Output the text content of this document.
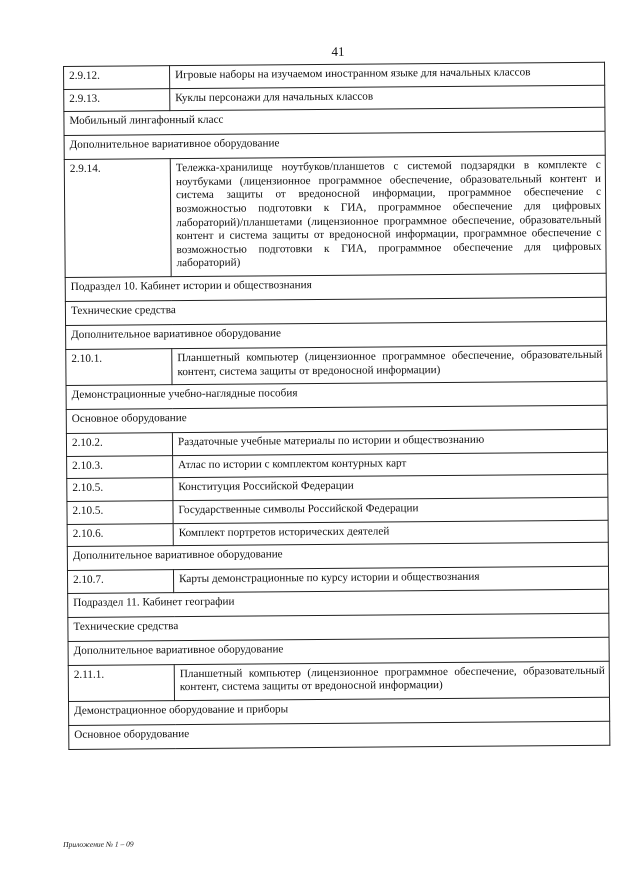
41
2.9.12.	Игровые наборы на изучаемом иностранном языке для начальных классов
2.9.13.	Куклы персонажи для начальных классов
Мобильный лингафонный класс	
Дополнительное вариативное оборудование	
2.9.14.	Тележка-хранилище ноутбуков/планшетов с системой подзарядки в комплекте с ноутбуками (лицензионное программное обеспечение, образовательный контент и система защиты от вредоносной информации, программное обеспечение с возможностью подготовки к ГИА, программное обеспечение для цифровых лабораторий)/планшетами (лицензионное программное обеспечение, образовательный контент и система защиты от вредоносной информации, программное обеспечение с возможностью подготовки к ГИА, программное обеспечение для цифровых лабораторий)
Подраздел 10. Кабинет истории и обществознания	
Технические средства	
Дополнительное вариативное оборудование	
2.10.1.	Планшетный компьютер (лицензионное программное обеспечение, образовательный контент, система защиты от вредоносной информации)
Демонстрационные учебно-наглядные пособия	
Основное оборудование	
2.10.2.	Раздаточные учебные материалы по истории и обществознанию
2.10.3.	Атлас по истории с комплектом контурных карт
2.10.5.	Конституция Российской Федерации
2.10.5.	Государственные символы Российской Федерации
2.10.6.	Комплект портретов исторических деятелей
Дополнительное вариативное оборудование	
2.10.7.	Карты демонстрационные по курсу истории и обществознания
Подраздел 11. Кабинет географии	
Технические средства	
Дополнительное вариативное оборудование	
2.11.1.	Планшетный компьютер (лицензионное программное обеспечение, образовательный контент, система защиты от вредоносной информации)
Демонстрационное оборудование и приборы	
Основное оборудование	
Приложение № 1 – 09
